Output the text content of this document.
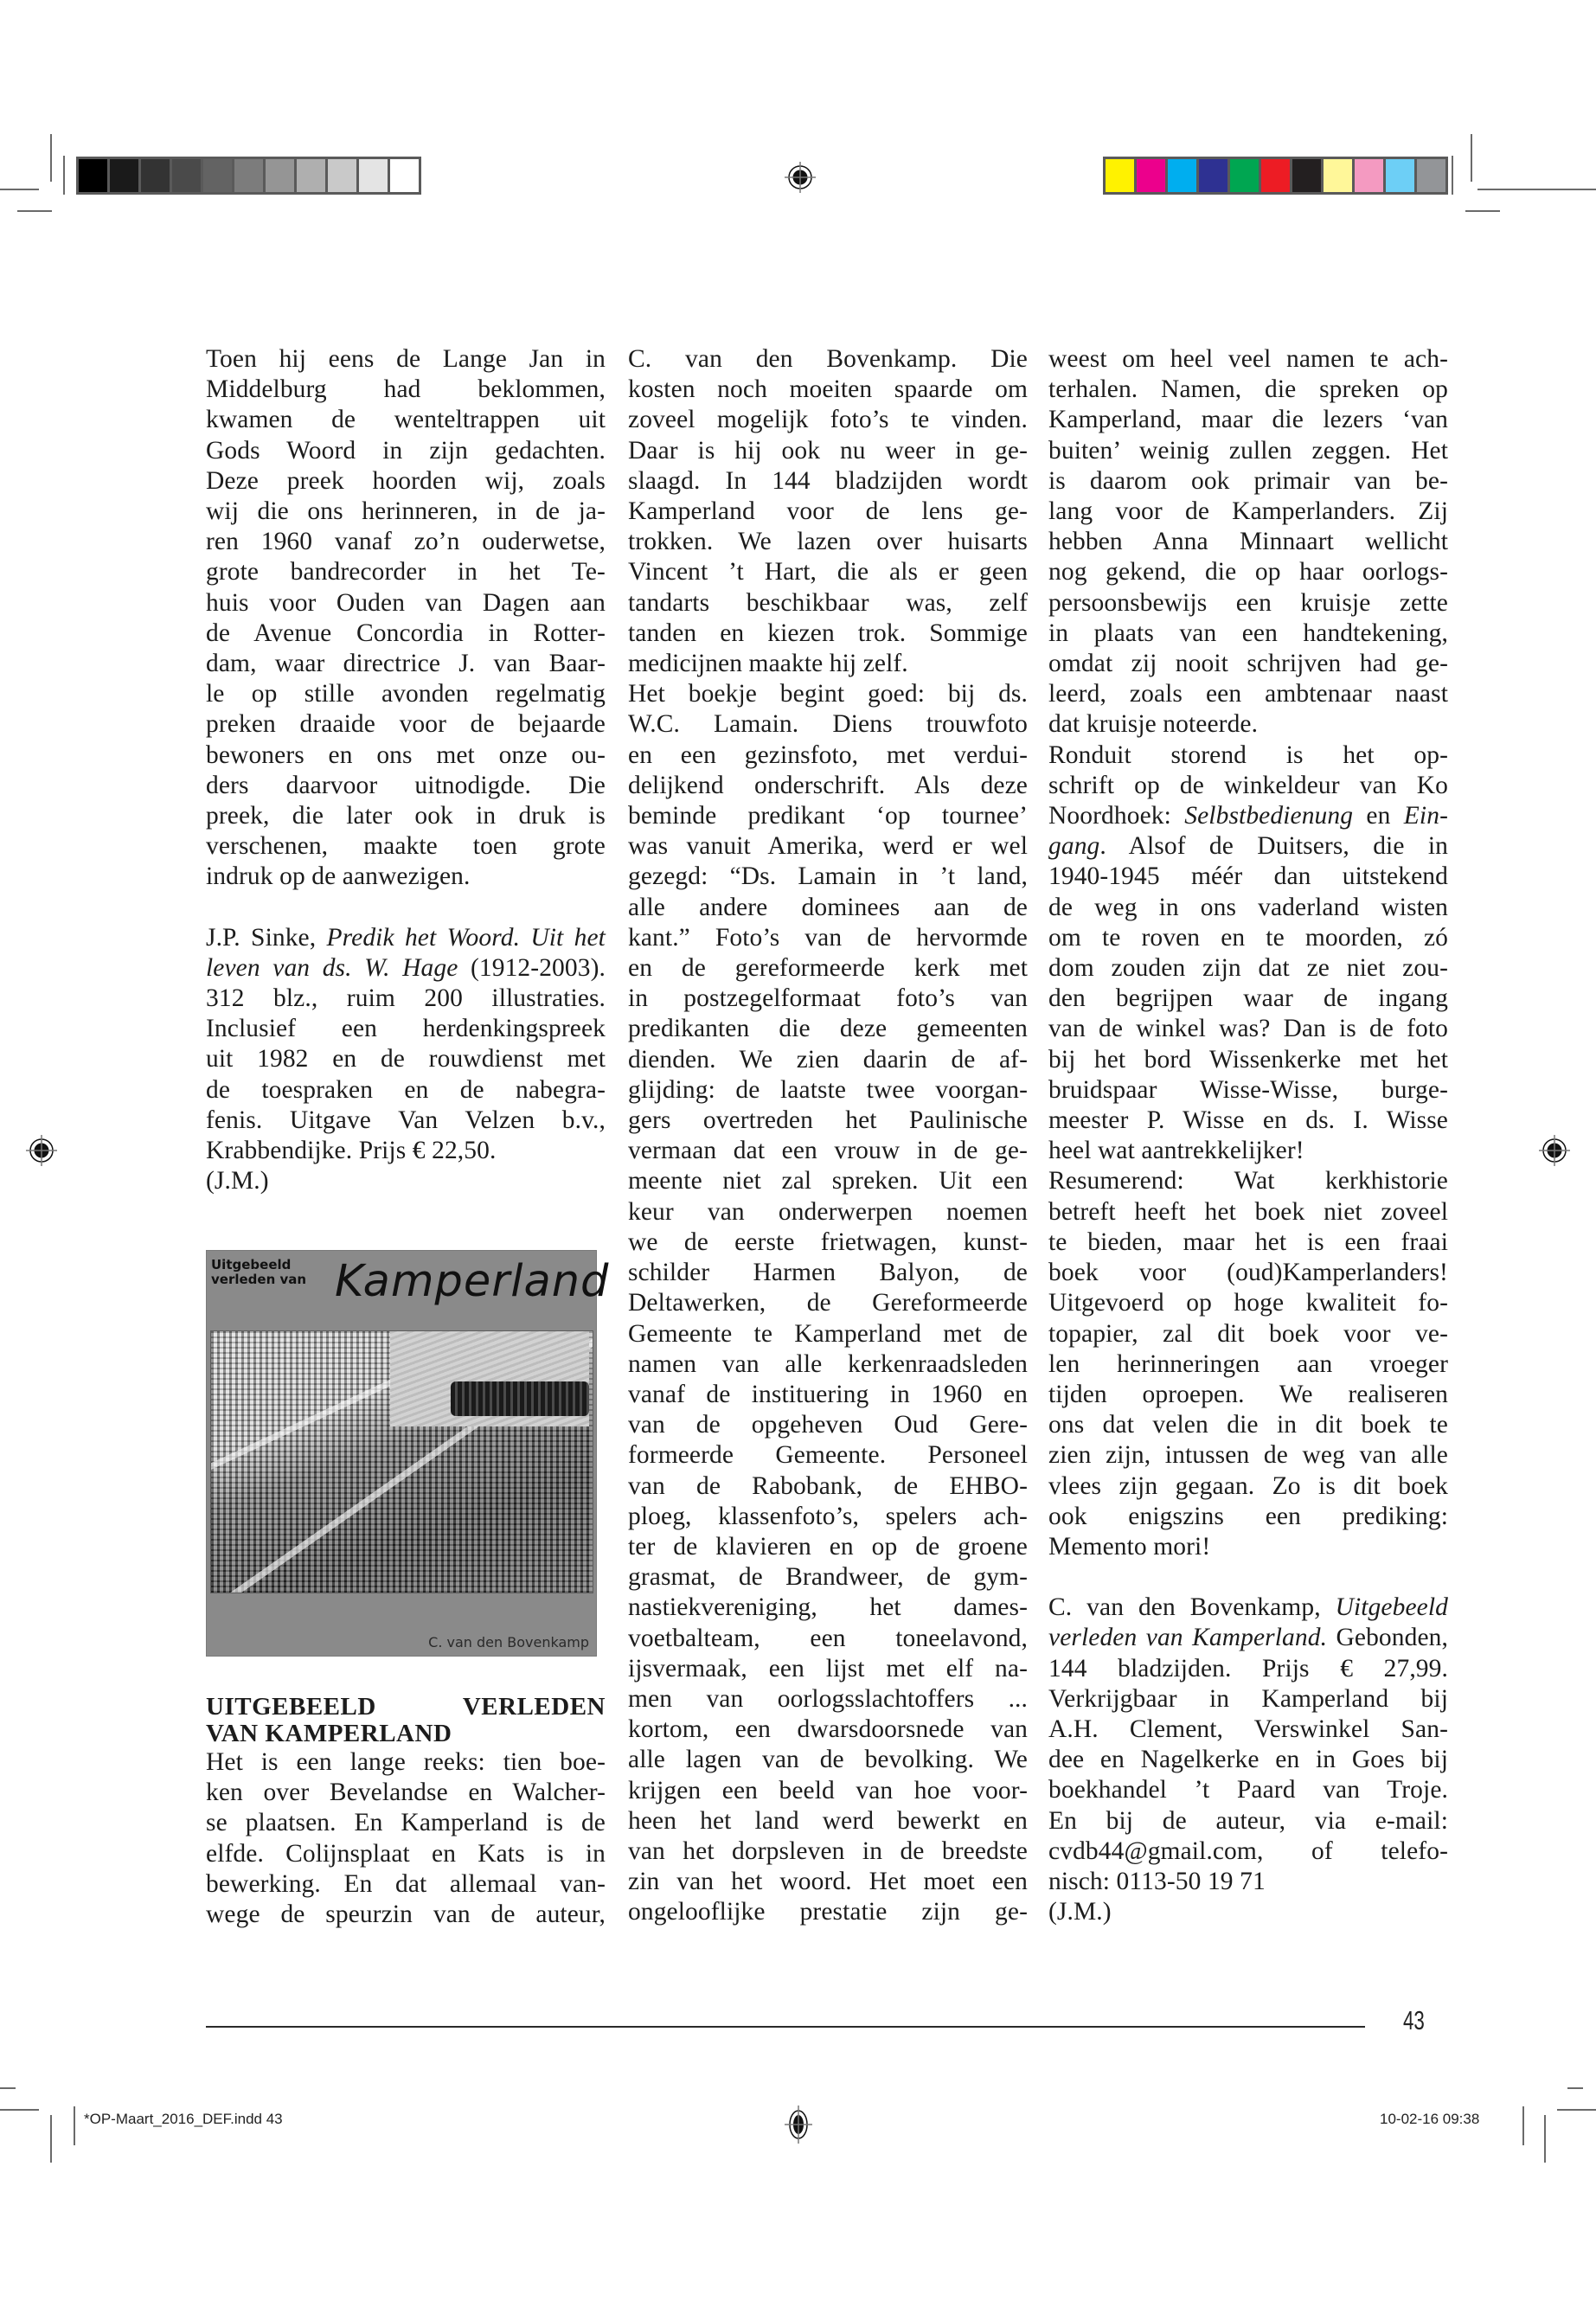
Toen hij eens de Lange Jan in
Middelburg had beklommen,
kwamen de wenteltrappen uit
Gods Woord in zijn gedachten.
Deze preek hoorden wij, zoals
wij die ons herinneren, in de ja-
ren 1960 vanaf zo’n ouderwetse,
grote bandrecorder in het Te-
huis voor Ouden van Dagen aan
de Avenue Concordia in Rotter-
dam, waar directrice J. van Baar-
le op stille avonden regelmatig
preken draaide voor de bejaarde
bewoners en ons met onze ou-
ders daarvoor uitnodigde. Die
preek, die later ook in druk is
verschenen, maakte toen grote
indruk op de aanwezigen.

J.P. Sinke, Predik het Woord. Uit het
leven van ds. W. Hage (1912-2003).
312 blz., ruim 200 illustraties.
Inclusief een herdenkingspreek
uit 1982 en de rouwdienst met
de toespraken en de nabegra-
fenis. Uitgave Van Velzen b.v.,
Krabbendijke. Prijs € 22,50.
(J.M.)

Uitgebeeld
verleden van Kamperland
C. van den Bovenkamp
UITGEBEELD VERLEDEN
VAN KAMPERLAND

Het is een lange reeks: tien boe-
ken over Bevelandse en Walcher-
se plaatsen. En Kamperland is de
elfde. Colijnsplaat en Kats is in
bewerking. En dat allemaal van-
wege de speurzin van de auteur,

C. van den Bovenkamp. Die
kosten noch moeiten spaarde om
zoveel mogelijk foto’s te vinden.
Daar is hij ook nu weer in ge-
slaagd. In 144 bladzijden wordt
Kamperland voor de lens ge-
trokken. We lazen over huisarts
Vincent ’t Hart, die als er geen
tandarts beschikbaar was, zelf
tanden en kiezen trok. Sommige
medicijnen maakte hij zelf.

Het boekje begint goed: bij ds.
W.C. Lamain. Diens trouwfoto
en een gezinsfoto, met verdui-
delijkend onderschrift. Als deze
beminde predikant ‘op tournee’
was vanuit Amerika, werd er wel
gezegd: “Ds. Lamain in ’t land,
alle andere dominees aan de
kant.” Foto’s van de hervormde
en de gereformeerde kerk met
in postzegelformaat foto’s van
predikanten die deze gemeenten
dienden. We zien daarin de af-
glijding: de laatste twee voorgan-
gers overtreden het Paulinische
vermaan dat een vrouw in de ge-
meente niet zal spreken. Uit een
keur van onderwerpen noemen
we de eerste frietwagen, kunst-
schilder Harmen Balyon, de
Deltawerken, de Gereformeerde
Gemeente te Kamperland met de
namen van alle kerkenraadsleden
vanaf de instituering in 1960 en
van de opgeheven Oud Gere-
formeerde Gemeente. Personeel
van de Rabobank, de EHBO-
ploeg, klassenfoto’s, spelers ach-
ter de klavieren en op de groene
grasmat, de Brandweer, de gym-
nastiekvereniging, het dames-
voetbalteam, een toneelavond,
ijsvermaak, een lijst met elf na-
men van oorlogsslachtoffers ...
kortom, een dwarsdoorsnede van
alle lagen van de bevolking. We
krijgen een beeld van hoe voor-
heen het land werd bewerkt en
van het dorpsleven in de breedste
zin van het woord. Het moet een
ongelooflijke prestatie zijn ge-

weest om heel veel namen te ach-
terhalen. Namen, die spreken op
Kamperland, maar die lezers ‘van
buiten’ weinig zullen zeggen. Het
is daarom ook primair van be-
lang voor de Kamperlanders. Zij
hebben Anna Minnaart wellicht
nog gekend, die op haar oorlogs-
persoonsbewijs een kruisje zette
in plaats van een handtekening,
omdat zij nooit schrijven had ge-
leerd, zoals een ambtenaar naast
dat kruisje noteerde.

Ronduit storend is het op-
schrift op de winkeldeur van Ko
Noordhoek: Selbstbedienung en Ein-
gang. Alsof de Duitsers, die in
1940-1945 méér dan uitstekend
de weg in ons vaderland wisten
om te roven en te moorden, zó
dom zouden zijn dat ze niet zou-
den begrijpen waar de ingang
van de winkel was? Dan is de foto
bij het bord Wissenkerke met het
bruidspaar Wisse-Wisse, burge-
meester P. Wisse en ds. I. Wisse
heel wat aantrekkelijker!

Resumerend: Wat kerkhistorie
betreft heeft het boek niet zoveel
te bieden, maar het is een fraai
boek voor (oud)Kamperlanders!
Uitgevoerd op hoge kwaliteit fo-
topapier, zal dit boek voor ve-
len herinneringen aan vroeger
tijden oproepen. We realiseren
ons dat velen die in dit boek te
zien zijn, intussen de weg van alle
vlees zijn gegaan. Zo is dit boek
ook enigszins een prediking:
Memento mori!

C. van den Bovenkamp, Uitgebeeld
verleden van Kamperland. Gebonden,
144 bladzijden. Prijs € 27,99.
Verkrijgbaar in Kamperland bij
A.H. Clement, Verswinkel San-
dee en Nagelkerke en in Goes bij
boekhandel ’t Paard van Troje.
En bij de auteur, via e-mail:
cvdb44@gmail.com, of telefo-
nisch: 0113-50 19 71
(J.M.)

43
*OP-Maart_2016_DEF.indd 43	10-02-16 09:38
